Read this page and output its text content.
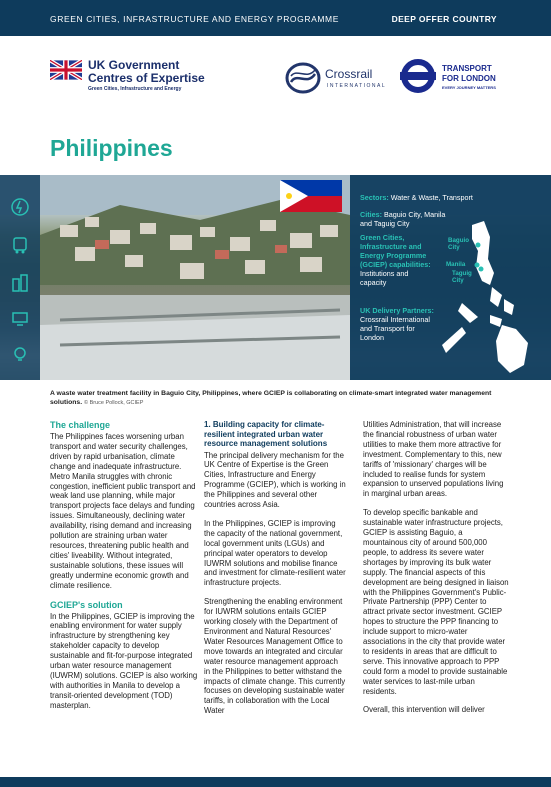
GREEN CITIES, INFRASTRUCTURE AND ENERGY PROGRAMME	DEEP OFFER COUNTRY
UK Government
Centres of Expertise
Green Cities, Infrastructure and Energy
Crossrail
INTERNATIONAL
TRANSPORT
FOR LONDON
EVERY JOURNEY MATTERS
Philippines
Sectors: Water & Waste, Transport
Cities: Baguio City, Manila and Taguig City
Green Cities, Infrastructure and Energy Programme (GCIEP) capabilities: Institutions and capacity
UK Delivery Partners: Crossrail International and Transport for London
Baguio City
Manila
Taguig City
A waste water treatment facility in Baguio City, Philippines, where GCIEP is collaborating on climate-smart integrated water management solutions. © Bruce Pollock, GCIEP
The challenge

The Philippines faces worsening urban transport and water security challenges, driven by rapid urbanisation, climate change and inadequate infrastructure. Metro Manila struggles with chronic congestion, inefficient public transport and weak land use planning, while major transport projects face delays and funding issues. Simultaneously, declining water availability, rising demand and increasing pollution are straining urban water resources, threatening public health and cities' liveability. Without integrated, sustainable solutions, these issues will greatly undermine economic growth and climate resilience.

GCIEP's solution

In the Philippines, GCIEP is improving the enabling environment for water supply infrastructure by strengthening key stakeholder capacity to develop sustainable and fit-for-purpose integrated urban water resource management (IUWRM) solutions. GCIEP is also working with authorities in Manila to develop a transit-oriented development (TOD) masterplan.

1. Building capacity for climate-resilient integrated urban water resource management solutions

The principal delivery mechanism for the UK Centre of Expertise is the Green Cities, Infrastructure and Energy Programme (GCIEP), which is working in the Philippines and several other countries across Asia.

In the Philippines, GCIEP is improving the capacity of the national government, local government units (LGUs) and principal water operators to develop IUWRM solutions and mobilise finance and investment for climate-resilient water infrastructure projects.

Strengthening the enabling environment for IUWRM solutions entails GCIEP working closely with the Department of Environment and Natural Resources' Water Resources Management Office to move towards an integrated and circular water resource management approach in the Philippines to better withstand the impacts of climate change. This currently focuses on developing sustainable water tariffs, in collaboration with the Local Water

Utilities Administration, that will increase the financial robustness of urban water utilities to make them more attractive for investment. Complementary to this, new tariffs of 'missionary' charges will be included to realise funds for system expansion to unserved populations living in marginal urban areas.

To develop specific bankable and sustainable water infrastructure projects, GCIEP is assisting Baguio, a mountainous city of around 500,000 people, to address its severe water shortages by improving its bulk water supply. The financial aspects of this development are being designed in liaison with the Philippines Government's Public-Private Partnership (PPP) Center to attract private sector investment. GCIEP hopes to structure the PPP financing to include support to micro-water associations in the city that provide water to residents in areas that are difficult to serve. This innovative approach to PPP could form a model to provide sustainable water services to last-mile urban residents.

Overall, this intervention will deliver
